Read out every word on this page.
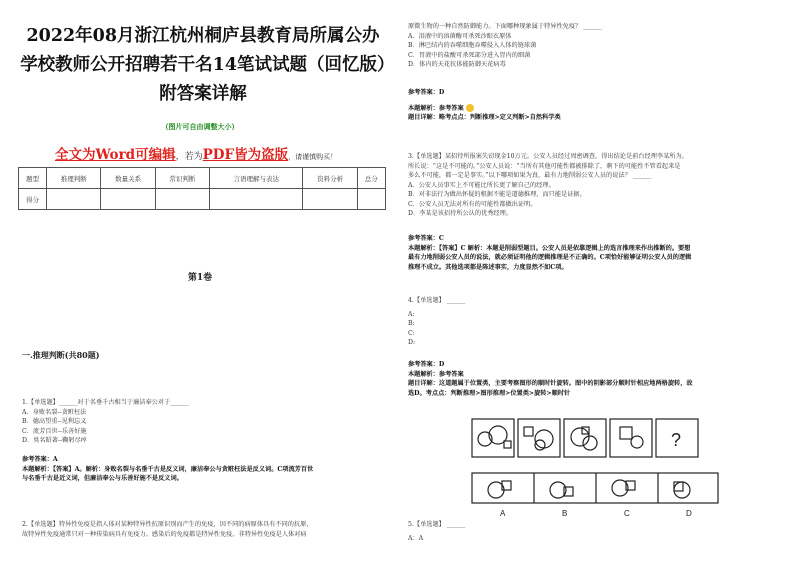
2022年08月浙江杭州桐庐县教育局所属公办学校教师公开招聘若干名14笔试试题（回忆版）附答案详解
（图片可自由调整大小）
全文为Word可编辑，若为PDF皆为盗版，请谨慎购买！
题型	推理判断	数量关系	常识判断	言语理解与表达	资料分析	总分
得分						
第1卷
一.推理判断(共80题)
1.【单选题】______对于名垂千古相当于廉洁奉公对于______
A．身败名裂--贪赃枉法
B．德高望重--见利忘义
C．流芳百世--乐善好施
D．臭名昭著--鞠躬尽瘁
参考答案：A
本题解析：【答案】A。解析：身败名裂与名垂千古是反义词，廉洁奉公与贪赃枉法是反义词。C项流芳百世
与名垂千古是近义词，但廉洁奉公与乐善好施不是反义词。
2.【单选题】特异性免疫是指人体对某种特异性抗原识别而产生的免疫，因不同的病原体具有不同的抗原，
故特异性免疫通常只对一种传染病具有免疫力。感染后的免疫都是特异性免疫。非特异性免疫是人体对病
原微生物的一种自然防御能力。下面哪种现象属于特异性免疫？ ______
A．泪液中的溶菌酶可杀死沙眼衣原体
B．淋巴结内的吞噬细胞吞噬侵入人体的链球菌
C．胃液中的盐酸可杀死部分进入胃内的细菌
D．体内的天花抗体能防御天花病毒
参考答案：D
本题解析：参考答案
题目详解：略考点点：判断推理>定义判断>自然科学类
3.【单选题】某招待所报案失窃现金10万元。公安人员经过周密调查，得出结论是前台经理李某所为。
所长说：“这是不可能的。”公安人员说：“当所有其他可能性都被排除了，剩下的可能性不管看起来是
多么不可能，都一定是事实。”以下哪项如果为真，最有力地削弱公安人员的说法？ ______
A．公安人员事实上不可能比所长更了解自己的经理。
B．对非法行为做出怀疑的根据不能是道德推理，而只能是证据。
C．公安人员无法对所有的可能性都做出证明。
D．李某是该招待所公认的优秀经理。
参考答案：C
本题解析：【答案】C 解析：本题是削弱型题目。公安人员是依靠逻辑上的选言推理来作出推断的。要想
最有力地削弱公安人员的说法，就必须证明他的逻辑推理是不正确的。C项恰好能够证明公安人员的逻辑
推理不成立。其他选项都是陈述事实，力度显然不如C项。
4.【单选题】 ______
A:
B:
C:
D:
参考答案：D
本题解析：参考答案
题目详解：这道题属于位置类，主要考察图形的顺时针旋转。图中的阴影部分顺时针相应地两格旋转，故
选D。考点点：判断推理>图形推理>位置类>旋转>顺时针
?
A	B	C	D
5.【单选题】 ______
A：A
